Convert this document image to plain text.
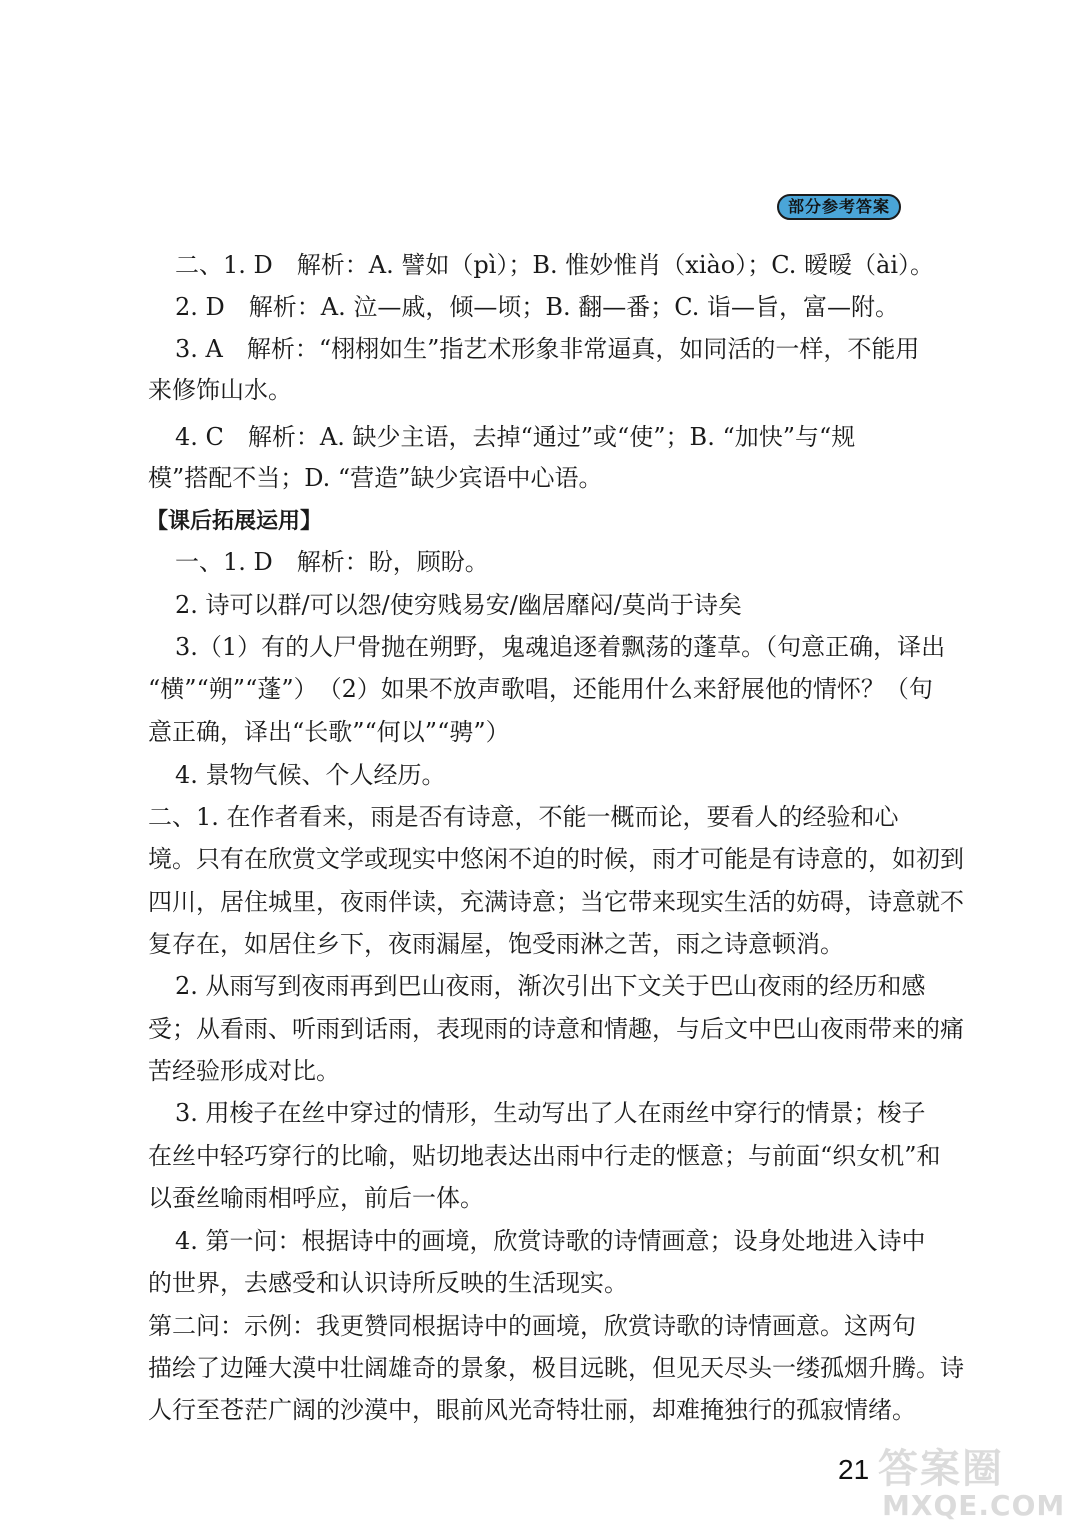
部分参考答案
二、1. D　解析：A. 譬如（pì）；B. 惟妙惟肖（xiào）；C. 暧暧（ài）。
2. D　解析：A. 泣—戚，倾—顷；B. 翻—番；C. 诣—旨，富—附。
3. A　解析：“栩栩如生”指艺术形象非常逼真，如同活的一样，不能用
来修饰山水。
4. C　解析：A. 缺少主语，去掉“通过”或“使”；B. “加快”与“规
模”搭配不当；D. “营造”缺少宾语中心语。
【课后拓展运用】
一、1. D　解析：盼，顾盼。
2. 诗可以群/可以怨/使穷贱易安/幽居靡闷/莫尚于诗矣
3.（1）有的人尸骨抛在朔野，鬼魂追逐着飘荡的蓬草。（句意正确，译出
“横”“朔”“蓬”）　（2）如果不放声歌唱，还能用什么来舒展他的情怀？（句
意正确，译出“长歌”“何以”“骋”）
4. 景物气候、个人经历。
二、1. 在作者看来，雨是否有诗意，不能一概而论，要看人的经验和心
境。只有在欣赏文学或现实中悠闲不迫的时候，雨才可能是有诗意的，如初到
四川，居住城里，夜雨伴读，充满诗意；当它带来现实生活的妨碍，诗意就不
复存在，如居住乡下，夜雨漏屋，饱受雨淋之苦，雨之诗意顿消。
2. 从雨写到夜雨再到巴山夜雨，渐次引出下文关于巴山夜雨的经历和感
受；从看雨、听雨到话雨，表现雨的诗意和情趣，与后文中巴山夜雨带来的痛
苦经验形成对比。
3. 用梭子在丝中穿过的情形，生动写出了人在雨丝中穿行的情景；梭子
在丝中轻巧穿行的比喻，贴切地表达出雨中行走的惬意；与前面“织女机”和
以蚕丝喻雨相呼应，前后一体。
4. 第一问：根据诗中的画境，欣赏诗歌的诗情画意；设身处地进入诗中
的世界，去感受和认识诗所反映的生活现实。
第二问：示例：我更赞同根据诗中的画境，欣赏诗歌的诗情画意。这两句
描绘了边陲大漠中壮阔雄奇的景象，极目远眺，但见天尽头一缕孤烟升腾。诗
人行至苍茫广阔的沙漠中，眼前风光奇特壮丽，却难掩独行的孤寂情绪。
21 答案圈
MXQE.COM
